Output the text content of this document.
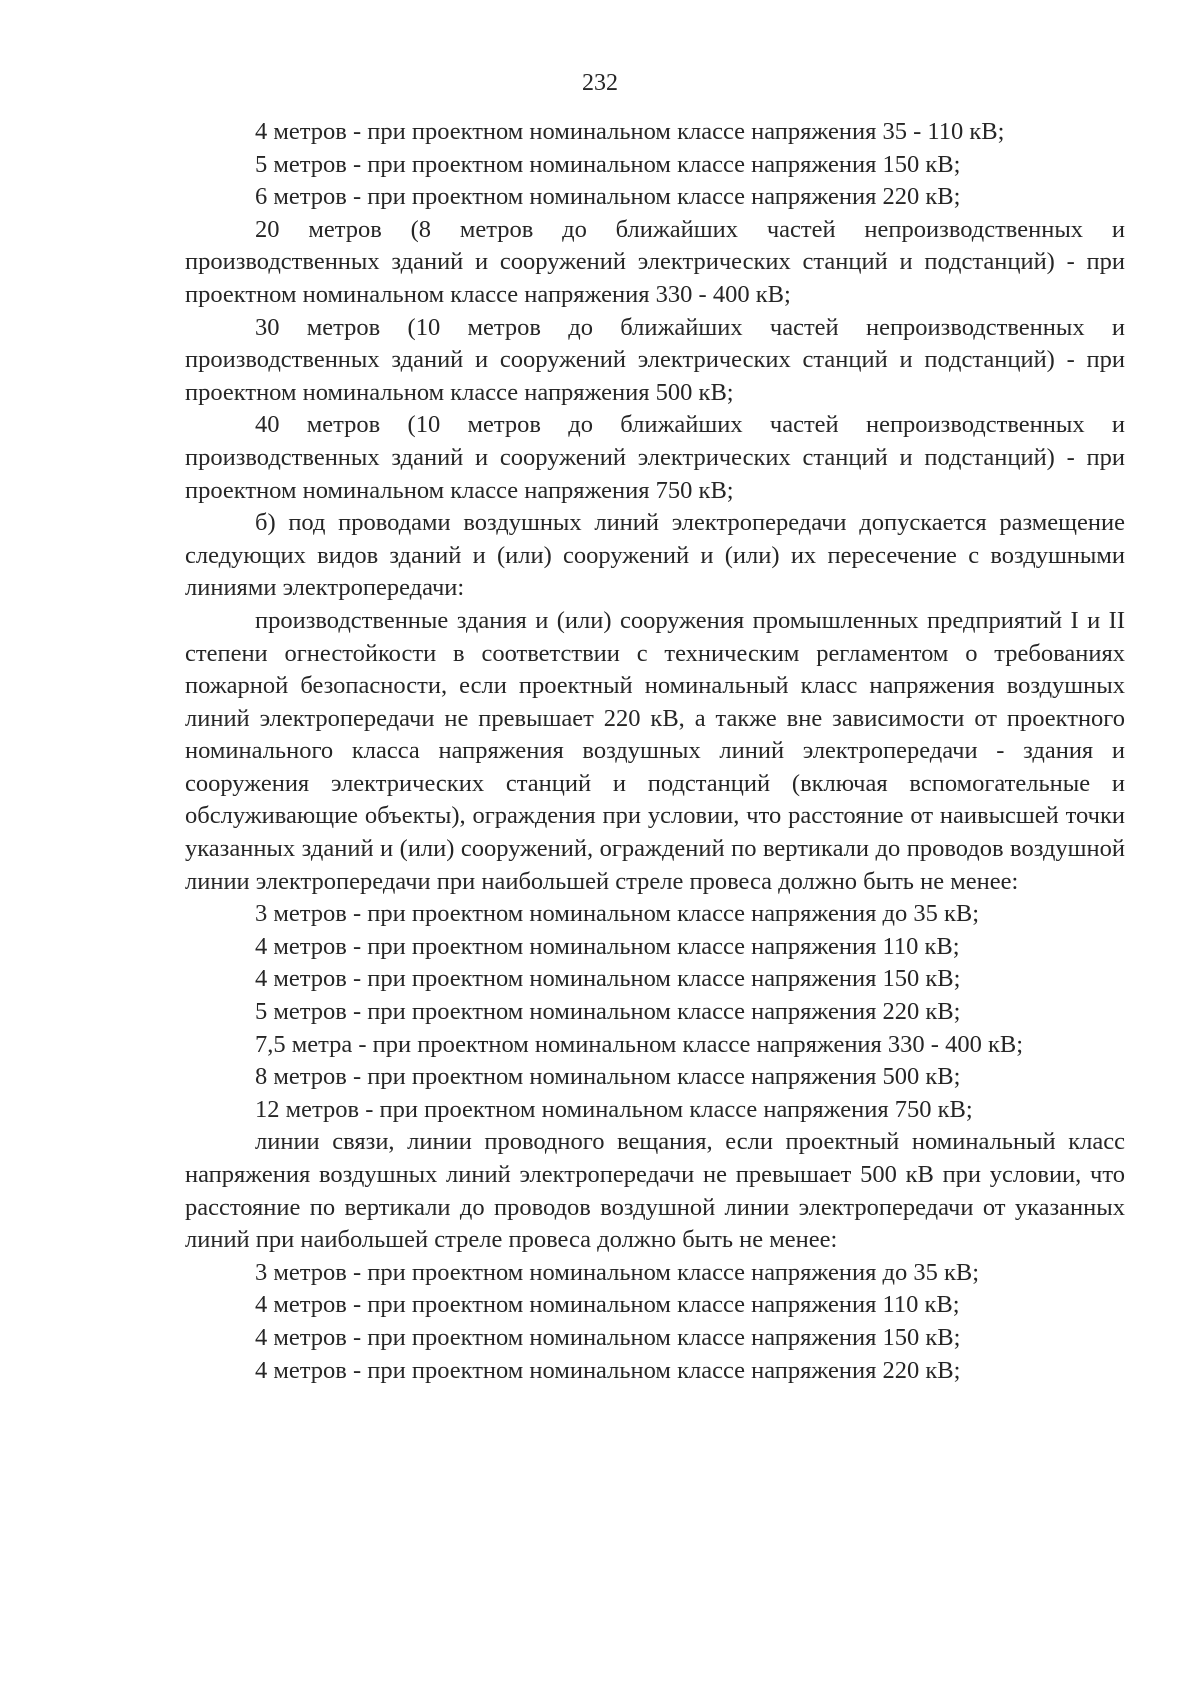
232

4 метров - при проектном номинальном классе напряжения 35 - 110 кВ;

5 метров - при проектном номинальном классе напряжения 150 кВ;

6 метров - при проектном номинальном классе напряжения 220 кВ;

20 метров (8 метров до ближайших частей непроизводственных и производственных зданий и сооружений электрических станций и подстанций) - при проектном номинальном классе напряжения 330 - 400 кВ;

30 метров (10 метров до ближайших частей непроизводственных и производственных зданий и сооружений электрических станций и подстанций) - при проектном номинальном классе напряжения 500 кВ;

40 метров (10 метров до ближайших частей непроизводственных и производственных зданий и сооружений электрических станций и подстанций) - при проектном номинальном классе напряжения 750 кВ;

б) под проводами воздушных линий электропередачи допускается размещение следующих видов зданий и (или) сооружений и (или) их пересечение с воздушными линиями электропередачи:

производственные здания и (или) сооружения промышленных предприятий I и II степени огнестойкости в соответствии с техническим регламентом о требованиях пожарной безопасности, если проектный номинальный класс напряжения воздушных линий электропередачи не превышает 220 кВ, а также вне зависимости от проектного номинального класса напряжения воздушных линий электропередачи - здания и сооружения электрических станций и подстанций (включая вспомогательные и обслуживающие объекты), ограждения при условии, что расстояние от наивысшей точки указанных зданий и (или) сооружений, ограждений по вертикали до проводов воздушной линии электропередачи при наибольшей стреле провеса должно быть не менее:

3 метров - при проектном номинальном классе напряжения до 35 кВ;

4 метров - при проектном номинальном классе напряжения 110 кВ;

4 метров - при проектном номинальном классе напряжения 150 кВ;

5 метров - при проектном номинальном классе напряжения 220 кВ;

7,5 метра - при проектном номинальном классе напряжения 330 - 400 кВ;

8 метров - при проектном номинальном классе напряжения 500 кВ;

12 метров - при проектном номинальном классе напряжения 750 кВ;

линии связи, линии проводного вещания, если проектный номинальный класс напряжения воздушных линий электропередачи не превышает 500 кВ при условии, что расстояние по вертикали до проводов воздушной линии электропередачи от указанных линий при наибольшей стреле провеса должно быть не менее:

3 метров - при проектном номинальном классе напряжения до 35 кВ;

4 метров - при проектном номинальном классе напряжения 110 кВ;

4 метров - при проектном номинальном классе напряжения 150 кВ;

4 метров - при проектном номинальном классе напряжения 220 кВ;
